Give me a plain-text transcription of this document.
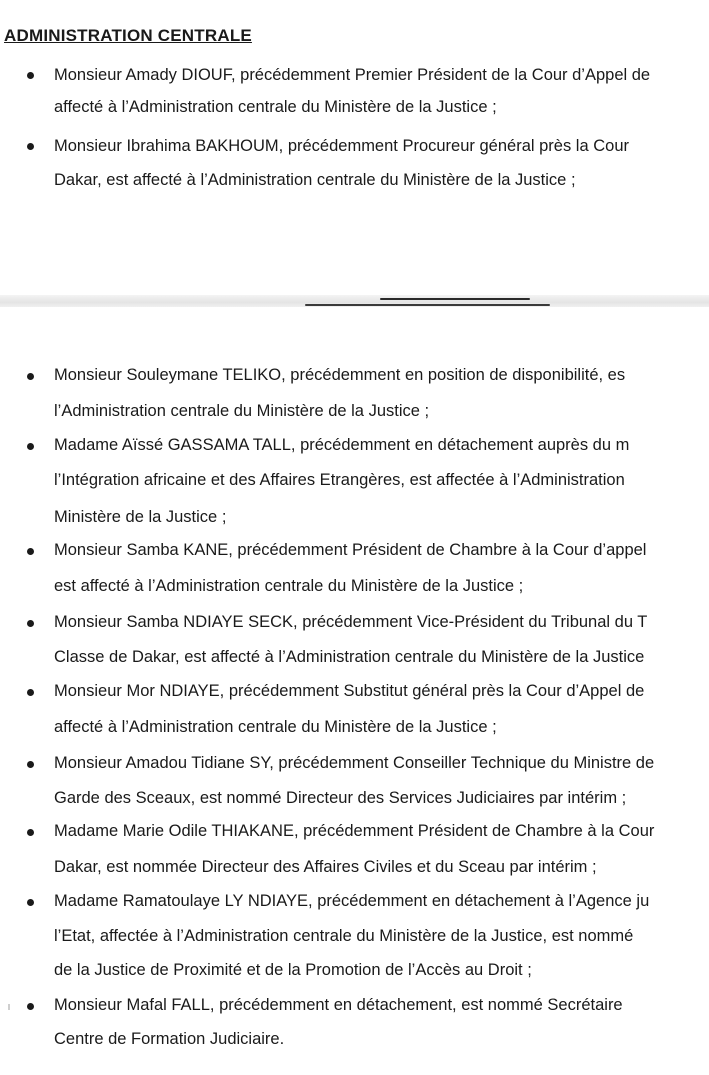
ADMINISTRATION CENTRALE
Monsieur Amady DIOUF, précédemment Premier Président de la Cour d’Appel de
affecté à l’Administration centrale du Ministère de la Justice ;
Monsieur Ibrahima BAKHOUM, précédemment Procureur général près la Cour
Dakar, est affecté à l’Administration centrale du Ministère de la Justice ;
Monsieur Souleymane TELIKO, précédemment en position de disponibilité, es
l’Administration centrale du Ministère de la Justice ;
Madame Aïssé GASSAMA TALL, précédemment en détachement auprès du m
l’Intégration africaine et des Affaires Etrangères, est affectée à l’Administration
Ministère de la Justice ;
Monsieur Samba KANE, précédemment Président de Chambre à la Cour d’appel
est affecté à l’Administration centrale du Ministère de la Justice ;
Monsieur Samba NDIAYE SECK, précédemment Vice-Président du Tribunal du T
Classe de Dakar, est affecté à l’Administration centrale du Ministère de la Justice
Monsieur Mor NDIAYE, précédemment Substitut général près la Cour d’Appel de
affecté à l’Administration centrale du Ministère de la Justice ;
Monsieur Amadou Tidiane SY, précédemment Conseiller Technique du Ministre de
Garde des Sceaux, est nommé Directeur des Services Judiciaires par intérim ;
Madame Marie Odile THIAKANE, précédemment Président de Chambre à la Cour
Dakar, est nommée Directeur des Affaires Civiles et du Sceau par intérim ;
Madame Ramatoulaye LY NDIAYE, précédemment en détachement à l’Agence ju
l’Etat, affectée à l’Administration centrale du Ministère de la Justice, est nommé
de la Justice de Proximité et de la Promotion de l’Accès au Droit ;
Monsieur Mafal FALL, précédemment en détachement, est nommé Secrétaire
Centre de Formation Judiciaire.
